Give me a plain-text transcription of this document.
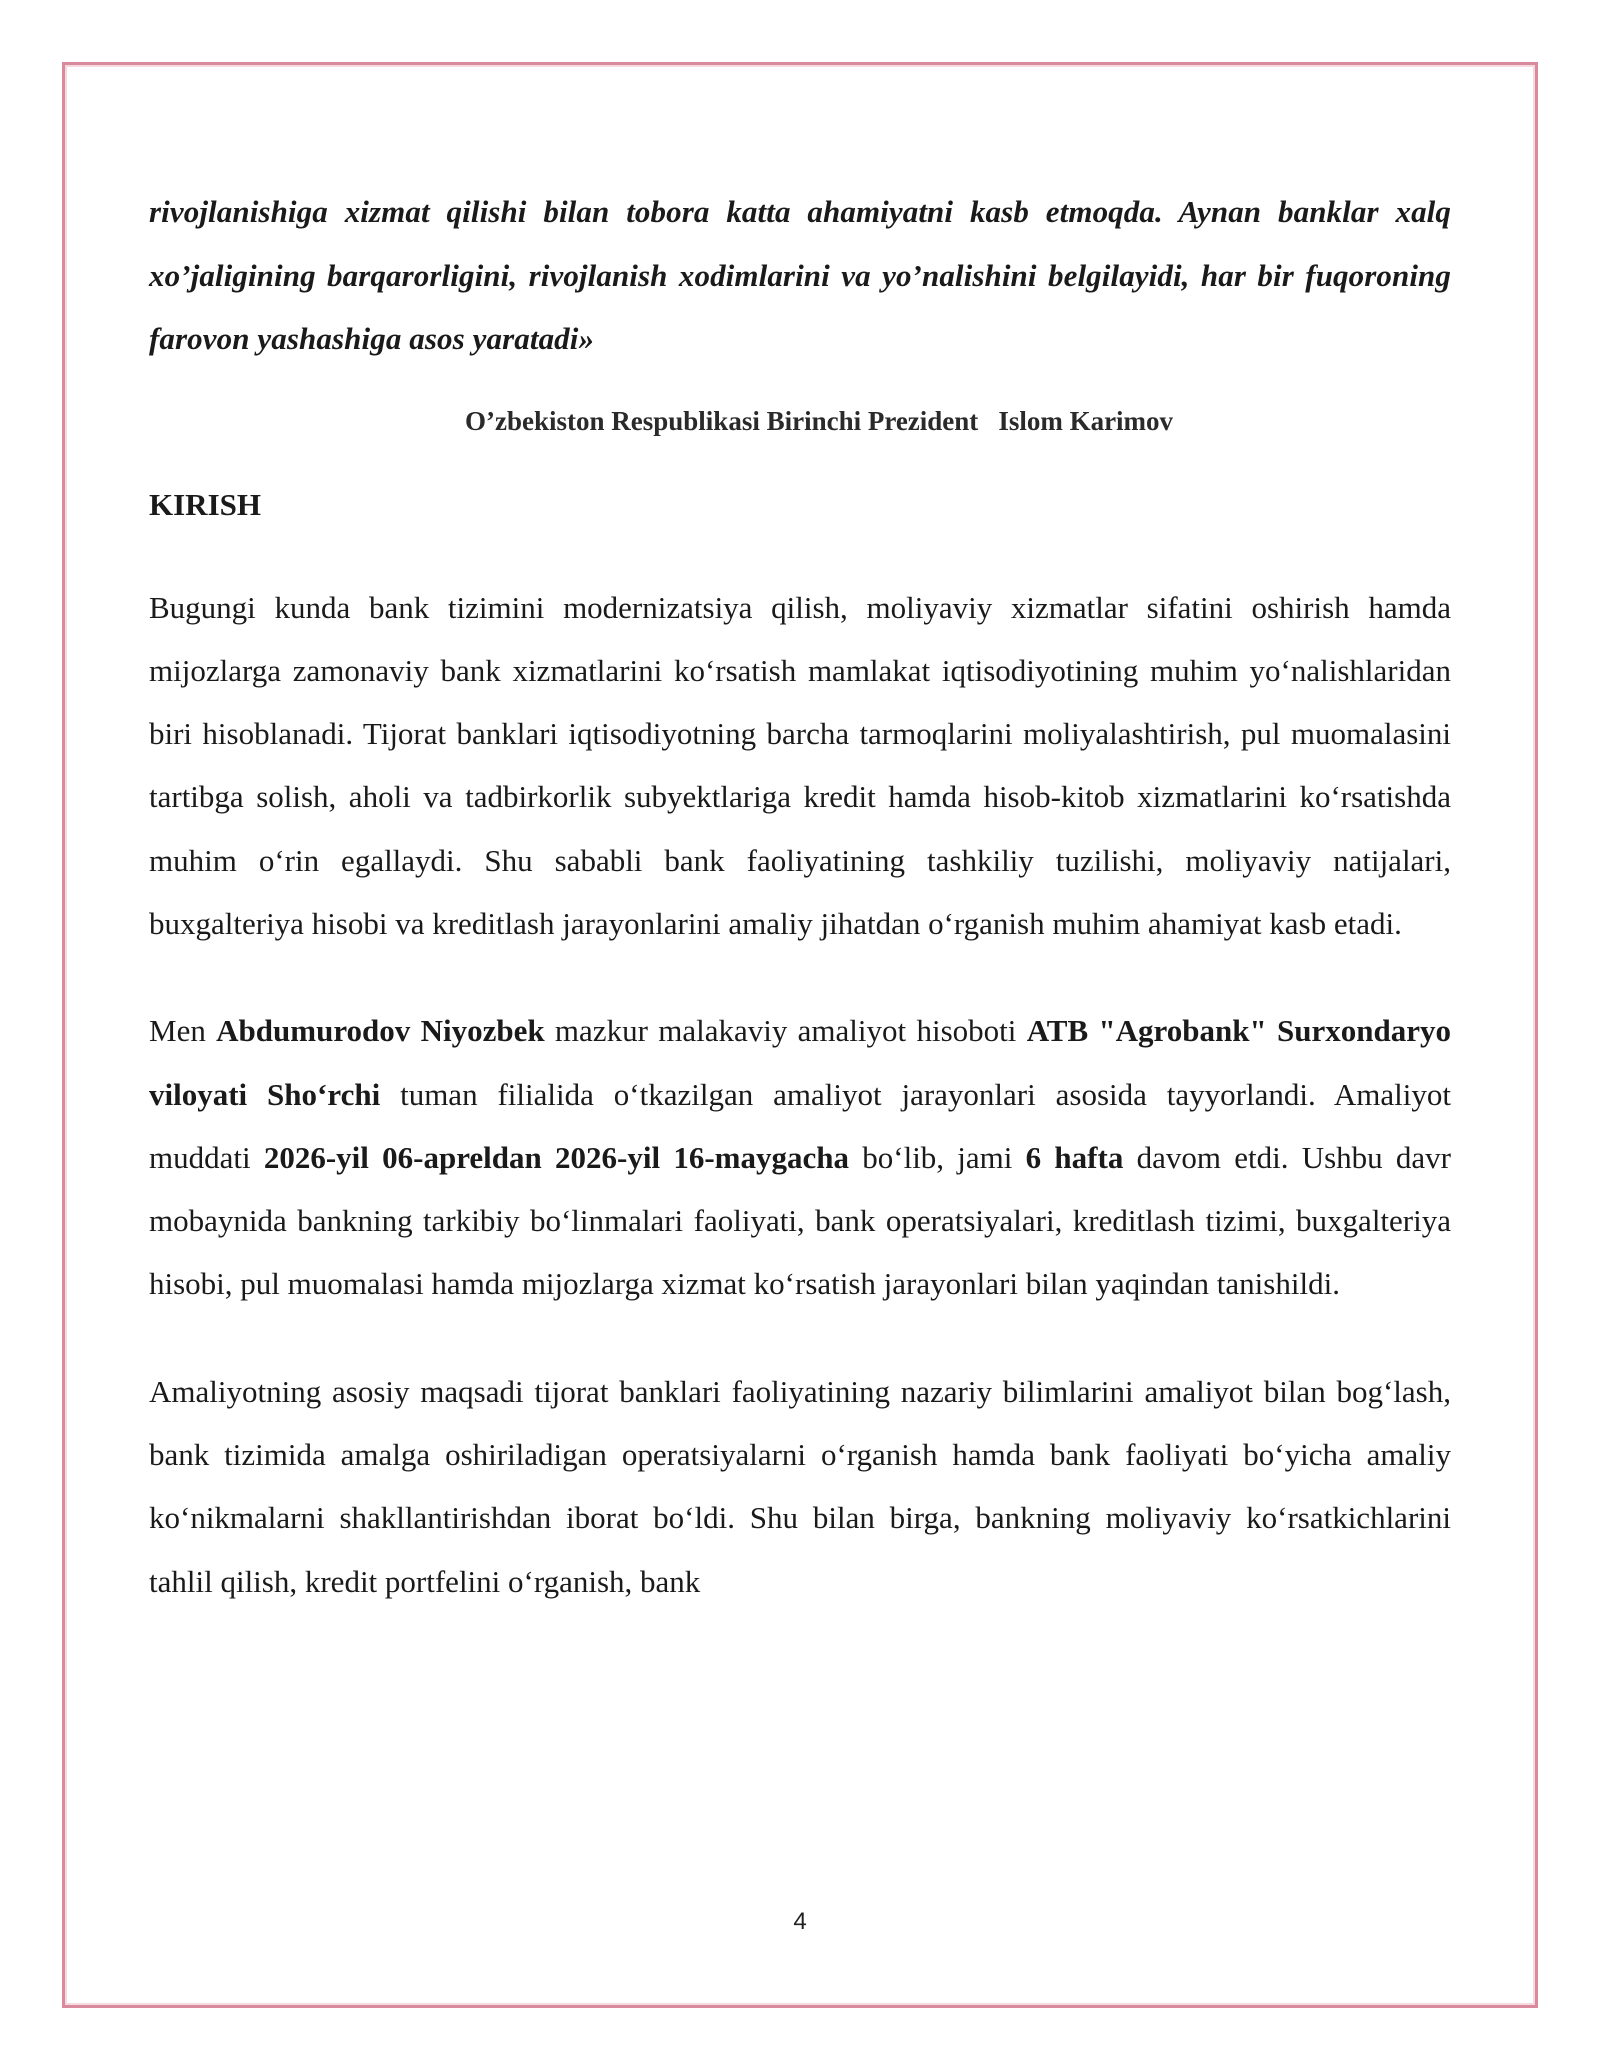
rivojlanishiga xizmat qilishi bilan tobora katta ahamiyatni kasb etmoqda. Aynan banklar xalq xo’jaligining barqarorligini, rivojlanish xodimlarini va yo’nalishini belgilayidi, har bir fuqoroning farovon yashashiga asos yaratadi»

O’zbekiston Respublikasi Birinchi Prezident Islom Karimov
KIRISH

Bugungi kunda bank tizimini modernizatsiya qilish, moliyaviy xizmatlar sifatini oshirish hamda mijozlarga zamonaviy bank xizmatlarini koʻrsatish mamlakat iqtisodiyotining muhim yoʻnalishlaridan biri hisoblanadi. Tijorat banklari iqtisodiyotning barcha tarmoqlarini moliyalashtirish, pul muomalasini tartibga solish, aholi va tadbirkorlik subyektlariga kredit hamda hisob-kitob xizmatlarini koʻrsatishda muhim oʻrin egallaydi. Shu sababli bank faoliyatining tashkiliy tuzilishi, moliyaviy natijalari, buxgalteriya hisobi va kreditlash jarayonlarini amaliy jihatdan oʻrganish muhim ahamiyat kasb etadi.

Men Abdumurodov Niyozbek mazkur malakaviy amaliyot hisoboti ATB "Agrobank" Surxondaryo viloyati Shoʻrchi tuman filialida oʻtkazilgan amaliyot jarayonlari asosida tayyorlandi. Amaliyot muddati 2026-yil 06-apreldan 2026-yil 16-maygacha boʻlib, jami 6 hafta davom etdi. Ushbu davr mobaynida bankning tarkibiy boʻlinmalari faoliyati, bank operatsiyalari, kreditlash tizimi, buxgalteriya hisobi, pul muomalasi hamda mijozlarga xizmat koʻrsatish jarayonlari bilan yaqindan tanishildi.

Amaliyotning asosiy maqsadi tijorat banklari faoliyatining nazariy bilimlarini amaliyot bilan bogʻlash, bank tizimida amalga oshiriladigan operatsiyalarni oʻrganish hamda bank faoliyati boʻyicha amaliy koʻnikmalarni shakllantirishdan iborat boʻldi. Shu bilan birga, bankning moliyaviy koʻrsatkichlarini tahlil qilish, kredit portfelini oʻrganish, bank

4
